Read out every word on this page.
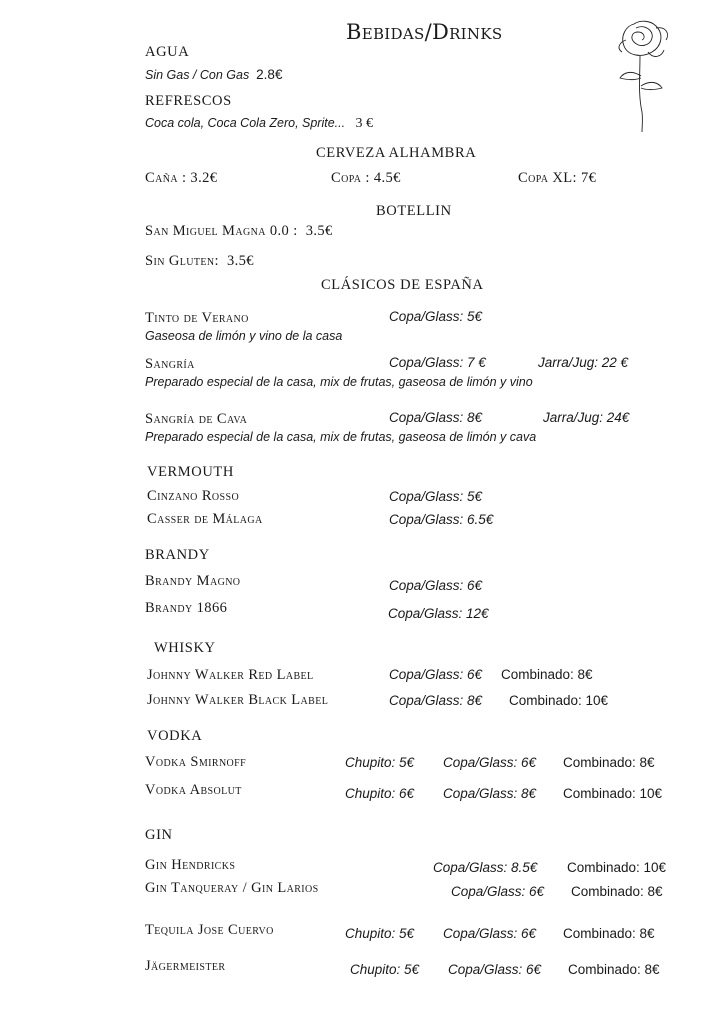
Bebidas/Drinks
AGUA
Sin Gas / Con Gas 2.8€
REFRESCOS
Coca cola, Coca Cola Zero, Sprite... 3 €
CERVEZA ALHAMBRA
Caña : 3.2€	Copa : 4.5€	Copa XL: 7€
BOTELLIN
San Miguel Magna 0.0 : 3.5€
Sin Gluten: 3.5€
CLÁSICOS DE ESPAÑA
Tinto de Verano	Copa/Glass: 5€
Gaseosa de limón y vino de la casa
Sangría	Copa/Glass: 7 €	Jarra/Jug: 22 €
Preparado especial de la casa, mix de frutas, gaseosa de limón y vino
Sangría de Cava	Copa/Glass: 8€	Jarra/Jug: 24€
Preparado especial de la casa, mix de frutas, gaseosa de limón y cava
VERMOUTH
Cinzano Rosso	Copa/Glass: 5€
Casser de Málaga	Copa/Glass: 6.5€
BRANDY
Brandy Magno	Copa/Glass: 6€
Brandy 1866	Copa/Glass: 12€
WHISKY
Johnny Walker Red Label	Copa/Glass: 6€ Combinado: 8€
Johnny Walker Black Label	Copa/Glass: 8€ Combinado: 10€
VODKA
Vodka Smirnoff	Chupito: 5€ Copa/Glass: 6€ Combinado: 8€
Vodka Absolut	Chupito: 6€ Copa/Glass: 8€ Combinado: 10€
GIN
Gin Hendricks	Copa/Glass: 8.5€ Combinado: 10€
Gin Tanqueray / Gin Larios	Copa/Glass: 6€ Combinado: 8€
Tequila Jose Cuervo	Chupito: 5€ Copa/Glass: 6€ Combinado: 8€
Jägermeister	Chupito: 5€ Copa/Glass: 6€ Combinado: 8€
